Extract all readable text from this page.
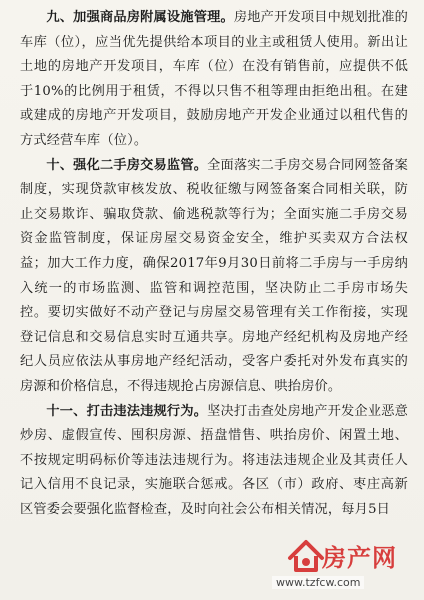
九、加强商品房附属设施管理。房地产开发项目中规划批准的车库（位），应当优先提供给本项目的业主或租赁人使用。新出让土地的房地产开发项目，车库（位）在没有销售前，应提供不低于10%的比例用于租赁，不得以只售不租等理由拒绝出租。在建或建成的房地产开发项目，鼓励房地产开发企业通过以租代售的方式经营车库（位）。

十、强化二手房交易监管。全面落实二手房交易合同网签备案制度，实现贷款审核发放、税收征缴与网签备案合同相关联，防止交易欺诈、骗取贷款、偷逃税款等行为；全面实施二手房交易资金监管制度，保证房屋交易资金安全，维护买卖双方合法权益；加大工作力度，确保2017年9月30日前将二手房与一手房纳入统一的市场监测、监管和调控范围，坚决防止二手房市场失控。要切实做好不动产登记与房屋交易管理有关工作衔接，实现登记信息和交易信息实时互通共享。房地产经纪机构及房地产经纪人员应依法从事房地产经纪活动，受客户委托对外发布真实的房源和价格信息，不得违规抢占房源信息、哄抬房价。

十一、打击违法违规行为。坚决打击查处房地产开发企业恶意炒房、虚假宣传、囤积房源、捂盘惜售、哄抬房价、闲置土地、不按规定明码标价等违法违规行为。将违法违规企业及其责任人记入信用不良记录，实施联合惩戒。各区（市）政府、枣庄高新区管委会要强化监督检查，及时向社会公布相关情况，每月5日

房产网
www.tzfcw.com
